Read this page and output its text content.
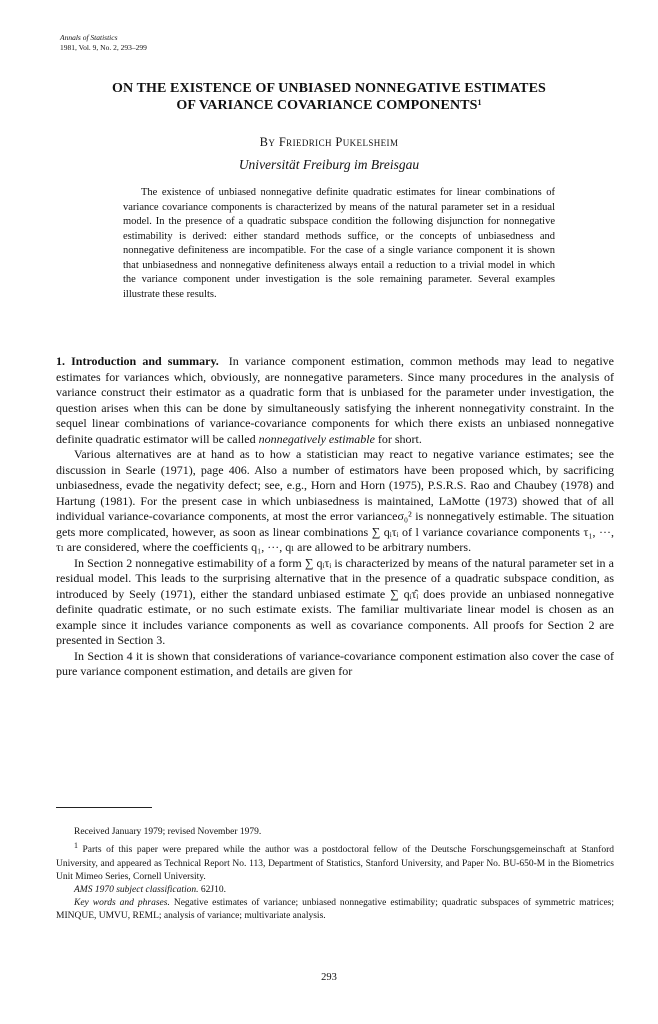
Annals of Statistics
1981, Vol. 9, No. 2, 293–299
ON THE EXISTENCE OF UNBIASED NONNEGATIVE ESTIMATES
OF VARIANCE COVARIANCE COMPONENTS$^1$
By Friedrich Pukelsheim
Universität Freiburg im Breisgau
The existence of unbiased nonnegative definite quadratic estimates for linear combinations of variance covariance components is characterized by means of the natural parameter set in a residual model. In the presence of a quadratic subspace condition the following disjunction for nonnegative estimability is derived: either standard methods suffice, or the concepts of unbiasedness and nonnegative definiteness are incompatible. For the case of a single variance component it is shown that unbiasedness and nonnegative definiteness always entail a reduction to a trivial model in which the variance component under investigation is the sole remaining parameter. Several examples illustrate these results.

1. Introduction and summary. In variance component estimation, common methods may lead to negative estimates for variances which, obviously, are nonnegative parameters. Since many procedures in the analysis of variance construct their estimator as a quadratic form that is unbiased for the parameter under investigation, the question arises when this can be done by simultaneously satisfying the inherent nonnegativity constraint. In the sequel linear combinations of variance-covariance components for which there exists an unbiased nonnegative definite quadratic estimator will be called nonnegatively estimable for short.

Various alternatives are at hand as to how a statistician may react to negative variance estimates; see the discussion in Searle (1971), page 406. Also a number of estimators have been proposed which, by sacrificing unbiasedness, evade the negativity defect; see, e.g., Horn and Horn (1975), P.S.R.S. Rao and Chaubey (1978) and Hartung (1981). For the present case in which unbiasedness is maintained, LaMotte (1973) showed that of all individual variance-covariance components, at most the error varianceσ₀² is nonnegatively estimable. The situation gets more complicated, however, as soon as linear combinations ∑ qᵢτᵢ of l variance covariance components τ₁, ···, τₗ are considered, where the coefficients q₁, ···, qₗ are allowed to be arbitrary numbers.

In Section 2 nonnegative estimability of a form ∑ qᵢτᵢ is characterized by means of the natural parameter set in a residual model. This leads to the surprising alternative that in the presence of a quadratic subspace condition, as introduced by Seely (1971), either the standard unbiased estimate ∑ qᵢτ̂ᵢ does provide an unbiased nonnegative definite quadratic estimate, or no such estimate exists. The familiar multivariate linear model is chosen as an example since it includes variance components as well as covariance components. All proofs for Section 2 are presented in Section 3.

In Section 4 it is shown that considerations of variance-covariance component estimation also cover the case of pure variance component estimation, and details are given for

Received January 1979; revised November 1979.

$^1$ Parts of this paper were prepared while the author was a postdoctoral fellow of the Deutsche Forschungsgemeinschaft at Stanford University, and appeared as Technical Report No. 113, Department of Statistics, Stanford University, and Paper No. BU-650-M in the Biometrics Unit Mimeo Series, Cornell University.

AMS 1970 subject classification. 62J10.

Key words and phrases. Negative estimates of variance; unbiased nonnegative estimability; quadratic subspaces of symmetric matrices; MINQUE, UMVU, REML; analysis of variance; multivariate analysis.

293
